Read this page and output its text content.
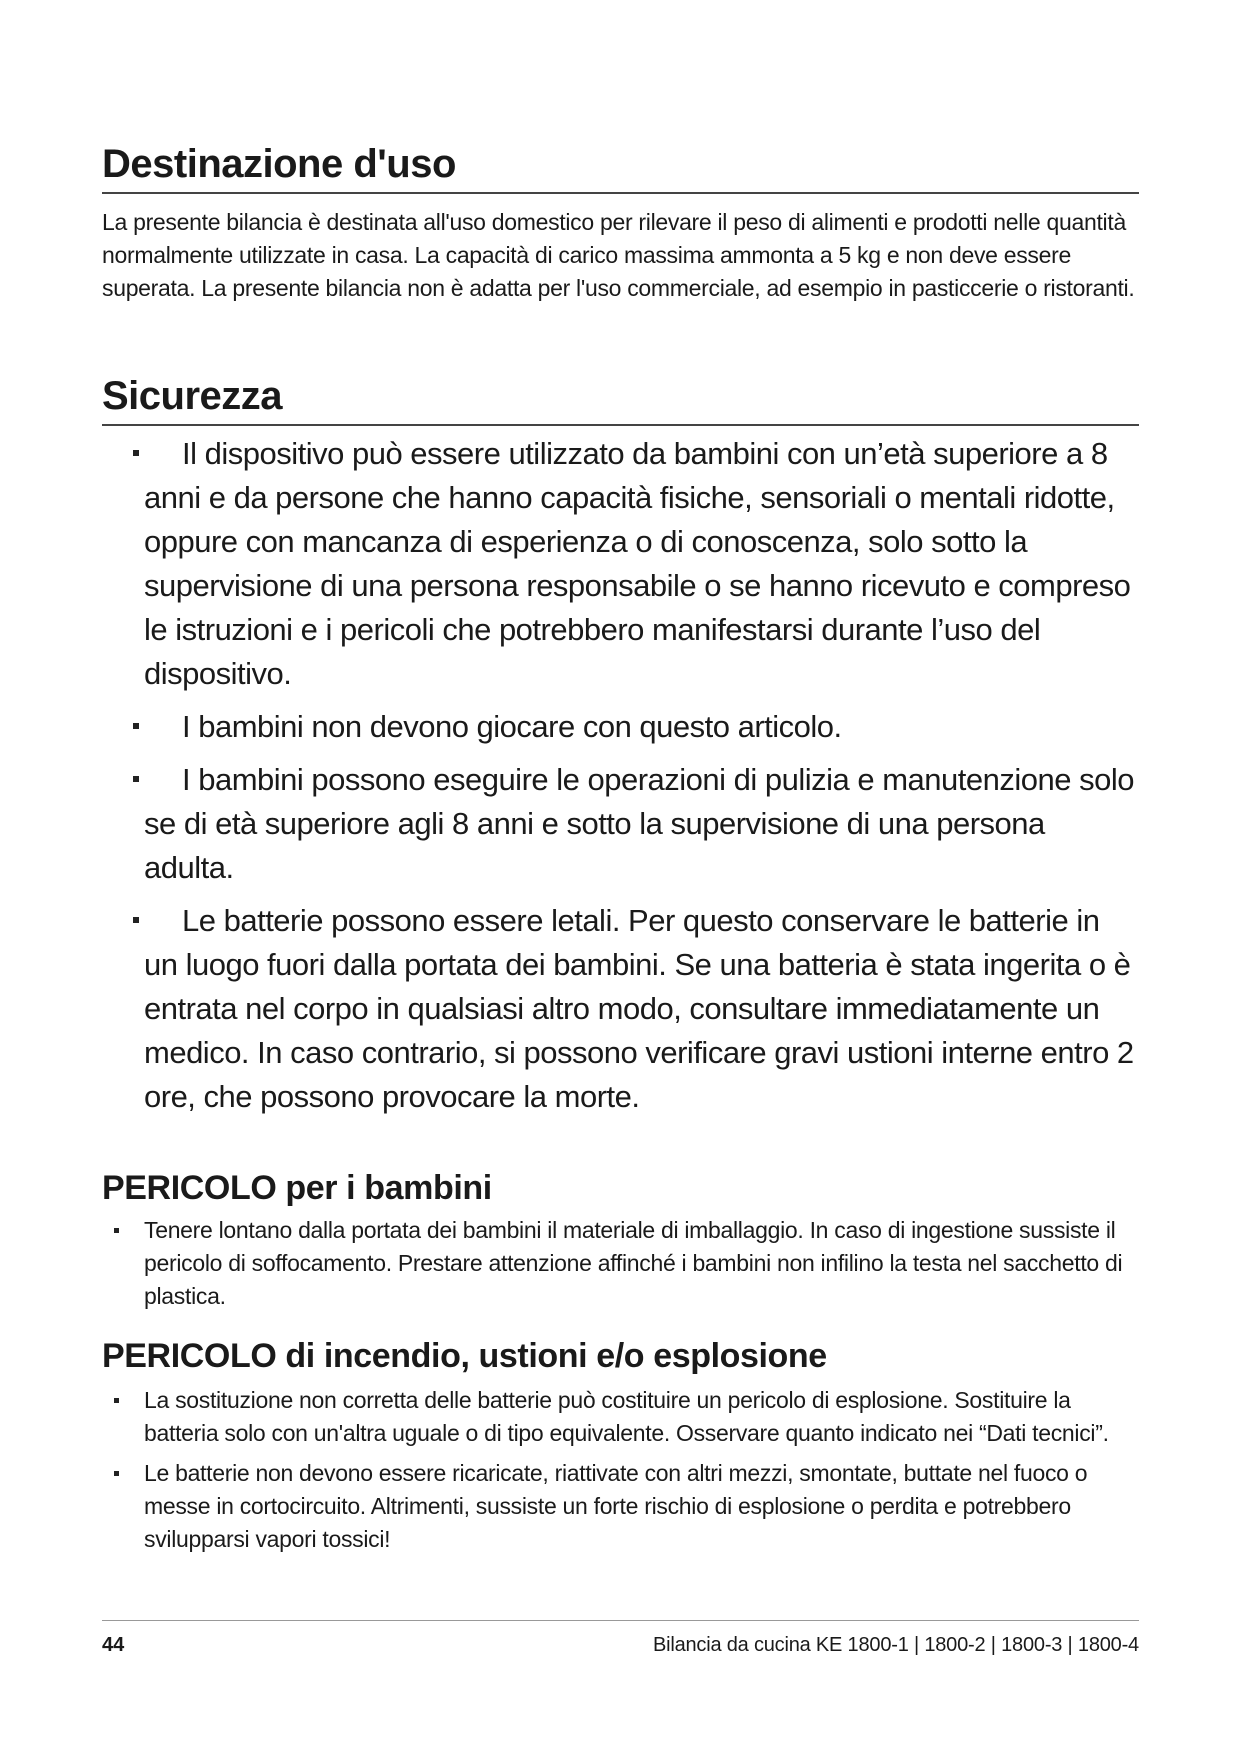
Destinazione d'uso

La presente bilancia è destinata all'uso domestico per rilevare il peso di alimenti e prodotti nelle quantità normalmente utilizzate in casa. La capacità di carico massima ammonta a 5 kg e non deve essere superata. La presente bilancia non è adatta per l'uso commerciale, ad esempio in pasticcerie o ristoranti.

Sicurezza
Il dispositivo può essere utilizzato da bambini con un’età superiore a 8 anni e da persone che hanno capacità fisiche, sensoriali o mentali ridotte, oppure con mancanza di esperienza o di conoscenza, solo sotto la supervisione di una persona responsabile o se hanno ricevuto e compreso le istruzioni e i pericoli che potrebbero manifestarsi durante l’uso del dispositivo.
I bambini non devono giocare con questo articolo.
I bambini possono eseguire le operazioni di pulizia e manutenzione solo se di età superiore agli 8 anni e sotto la supervisione di una persona adulta.
Le batterie possono essere letali. Per questo conservare le batterie in un luogo fuori dalla portata dei bambini. Se una batteria è stata ingerita o è entrata nel corpo in qualsiasi altro modo, consultare immediatamente un medico. In caso contrario, si possono verificare gravi ustioni interne entro 2 ore, che possono provocare la morte.
PERICOLO per i bambini
Tenere lontano dalla portata dei bambini il materiale di imballaggio. In caso di ingestione sussiste il pericolo di soffocamento. Prestare attenzione affinché i bambini non infilino la testa nel sacchetto di plastica.
PERICOLO di incendio, ustioni e/o esplosione
La sostituzione non corretta delle batterie può costituire un pericolo di esplosione. Sostituire la batteria solo con un'altra uguale o di tipo equivalente. Osservare quanto indicato nei “Dati tecnici”.
Le batterie non devono essere ricaricate, riattivate con altri mezzi, smontate, buttate nel fuoco o messe in cortocircuito. Altrimenti, sussiste un forte rischio di esplosione o perdita e potrebbero svilupparsi vapori tossici!
44	Bilancia da cucina KE 1800-1 | 1800-2 | 1800-3 | 1800-4
